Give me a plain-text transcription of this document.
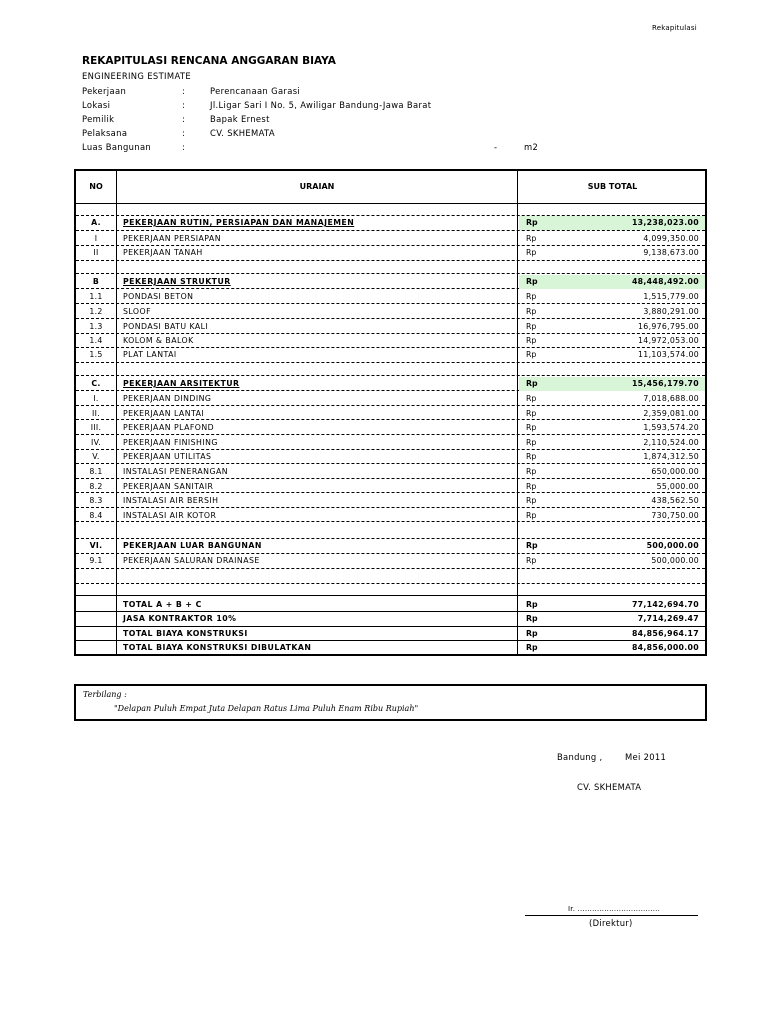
Rekapitulasi
REKAPITULASI RENCANA ANGGARAN BIAYA
ENGINEERING ESTIMATE
Pekerjaan	:	Perencanaan Garasi
Lokasi	:	Jl.Ligar Sari I No. 5, Awiligar Bandung-Jawa Barat
Pemilik	:	Bapak Ernest
Pelaksana	:	CV. SKHEMATA
Luas Bangunan	:	-	m2
NO	URAIAN	SUB TOTAL
A.	PEKERJAAN RUTIN, PERSIAPAN DAN MANAJEMEN	Rp	13,238,023.00
I	PEKERJAAN PERSIAPAN	Rp	4,099,350.00
II	PEKERJAAN TANAH	Rp	9,138,673.00
B	PEKERJAAN STRUKTUR	Rp	48,448,492.00
1.1	PONDASI BETON	Rp	1,515,779.00
1.2	SLOOF	Rp	3,880,291.00
1.3	PONDASI BATU KALI	Rp	16,976,795.00
1.4	KOLOM & BALOK	Rp	14,972,053.00
1.5	PLAT LANTAI	Rp	11,103,574.00
C.	PEKERJAAN ARSITEKTUR	Rp	15,456,179.70
I.	PEKERJAAN DINDING	Rp	7,018,688.00
II.	PEKERJAAN LANTAI	Rp	2,359,081.00
III.	PEKERJAAN PLAFOND	Rp	1,593,574.20
IV.	PEKERJAAN FINISHING	Rp	2,110,524.00
V.	PEKERJAAN UTILITAS	Rp	1,874,312.50
8.1	INSTALASI PENERANGAN	Rp	650,000.00
8.2	PEKERJAAN SANITAIR	Rp	55,000.00
8.3	INSTALASI AIR BERSIH	Rp	438,562.50
8.4	INSTALASI AIR KOTOR	Rp	730,750.00
VI.	PEKERJAAN LUAR BANGUNAN	Rp	500,000.00
9.1	PEKERJAAN SALURAN DRAINASE	Rp	500,000.00
TOTAL A + B + C	Rp	77,142,694.70
JASA KONTRAKTOR 10%	Rp	7,714,269.47
TOTAL BIAYA KONSTRUKSI	Rp	84,856,964.17
TOTAL BIAYA KONSTRUKSI DIBULATKAN	Rp	84,856,000.00
Terbilang :
"Delapan Puluh Empat Juta Delapan Ratus Lima Puluh Enam Ribu Rupiah"
Bandung ,	Mei 2011
CV. SKHEMATA
Ir. ..................................
(Direktur)
